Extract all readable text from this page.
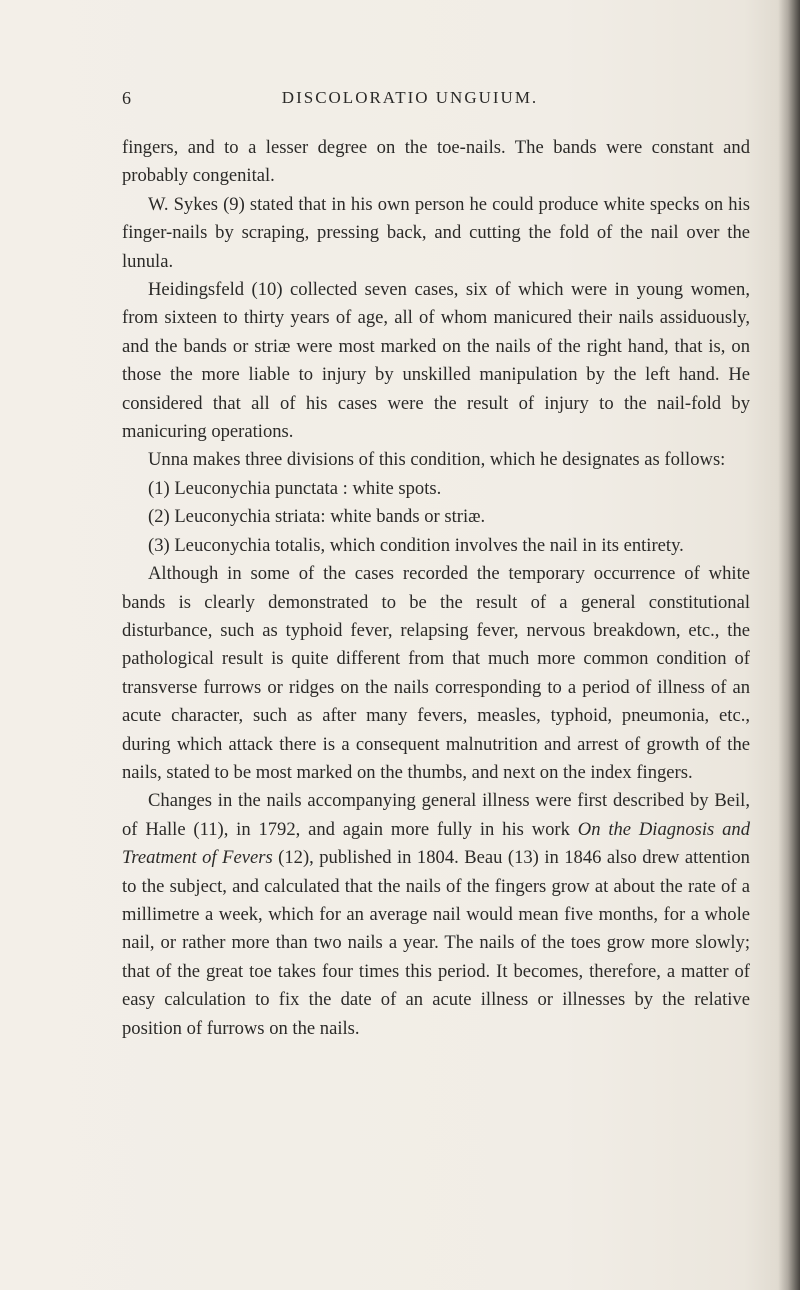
6	DISCOLORATIO UNGUIUM.

fingers, and to a lesser degree on the toe-nails. The bands were constant and probably congenital.

W. Sykes (9) stated that in his own person he could produce white specks on his finger-nails by scraping, pressing back, and cutting the fold of the nail over the lunula.

Heidingsfeld (10) collected seven cases, six of which were in young women, from sixteen to thirty years of age, all of whom manicured their nails assiduously, and the bands or striæ were most marked on the nails of the right hand, that is, on those the more liable to injury by unskilled manipulation by the left hand. He considered that all of his cases were the result of injury to the nail-fold by manicuring operations.

Unna makes three divisions of this condition, which he designates as follows:

(1) Leuconychia punctata : white spots.

(2) Leuconychia striata: white bands or striæ.

(3) Leuconychia totalis, which condition involves the nail in its entirety.

Although in some of the cases recorded the temporary occurrence of white bands is clearly demonstrated to be the result of a general constitutional disturbance, such as typhoid fever, relapsing fever, nervous breakdown, etc., the pathological result is quite different from that much more common condition of transverse furrows or ridges on the nails corresponding to a period of illness of an acute character, such as after many fevers, measles, typhoid, pneumonia, etc., during which attack there is a consequent malnutrition and arrest of growth of the nails, stated to be most marked on the thumbs, and next on the index fingers.

Changes in the nails accompanying general illness were first described by Beil, of Halle (11), in 1792, and again more fully in his work On the Diagnosis and Treatment of Fevers (12), published in 1804. Beau (13) in 1846 also drew attention to the subject, and calculated that the nails of the fingers grow at about the rate of a millimetre a week, which for an average nail would mean five months, for a whole nail, or rather more than two nails a year. The nails of the toes grow more slowly; that of the great toe takes four times this period. It becomes, therefore, a matter of easy calculation to fix the date of an acute illness or illnesses by the relative position of furrows on the nails.
